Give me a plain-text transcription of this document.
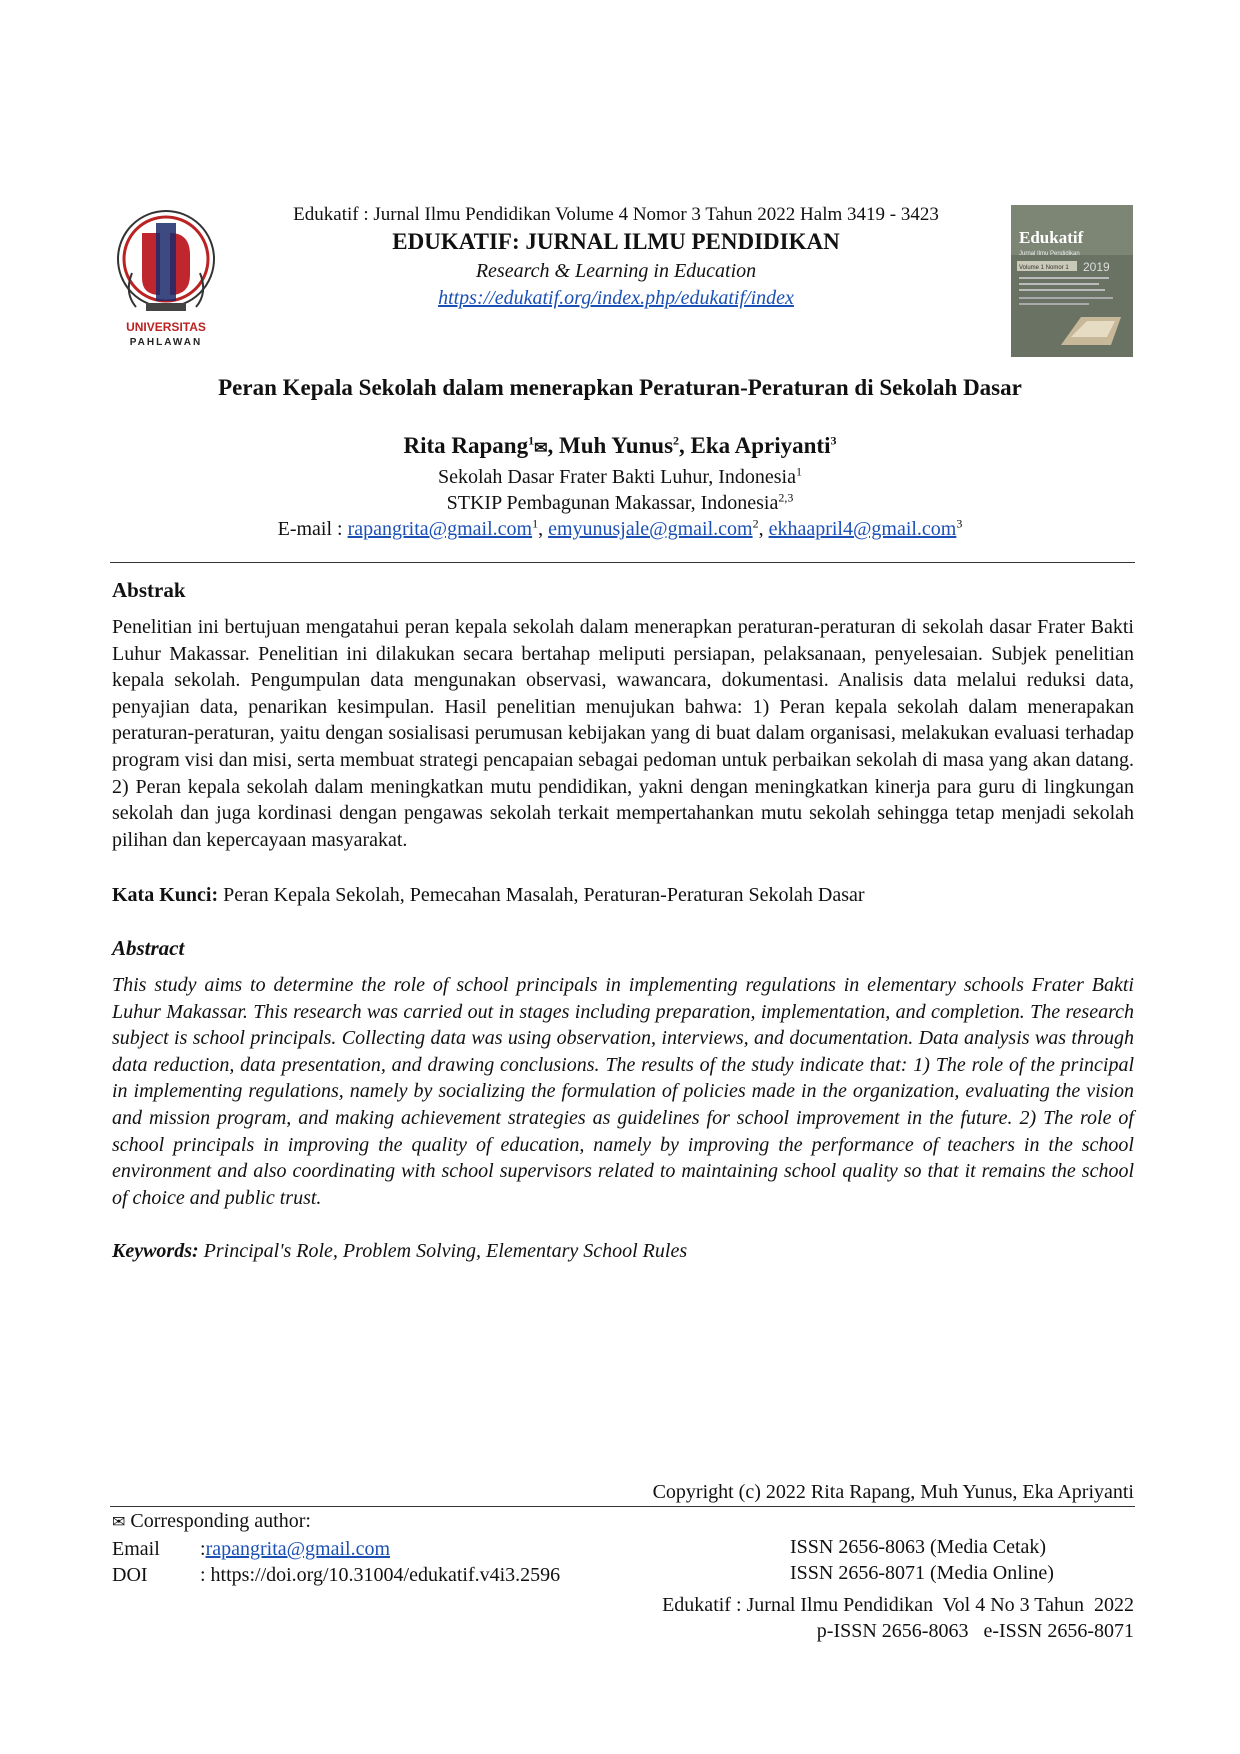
UNIVERSITAS
PAHLAWAN
Edukatif : Jurnal Ilmu Pendidikan Volume 4 Nomor 3 Tahun 2022 Halm 3419 - 3423
EDUKATIF: JURNAL ILMU PENDIDIKAN
Research & Learning in Education
https://edukatif.org/index.php/edukatif/index
Edukatif
Jurnal Ilmu Pendidikan
Volume 1 Nomor 1 2019
Peran Kepala Sekolah dalam menerapkan Peraturan-Peraturan di Sekolah Dasar
Rita Rapang$^1$✉, Muh Yunus$^2$, Eka Apriyanti$^3$
Sekolah Dasar Frater Bakti Luhur, Indonesia$^1$
STKIP Pembagunan Makassar, Indonesia$^{2,3}$
E-mail : rapangrita@gmail.com$^1$, emyunusjale@gmail.com$^2$, ekhaapril4@gmail.com$^3$
Abstrak
Penelitian ini bertujuan mengatahui peran kepala sekolah dalam menerapkan peraturan-peraturan di sekolah dasar Frater Bakti Luhur Makassar. Penelitian ini dilakukan secara bertahap meliputi persiapan, pelaksanaan, penyelesaian. Subjek penelitian kepala sekolah. Pengumpulan data mengunakan observasi, wawancara, dokumentasi. Analisis data melalui reduksi data, penyajian data, penarikan kesimpulan. Hasil penelitian menujukan bahwa: 1) Peran kepala sekolah dalam menerapakan peraturan-peraturan, yaitu dengan sosialisasi perumusan kebijakan yang di buat dalam organisasi, melakukan evaluasi terhadap program visi dan misi, serta membuat strategi pencapaian sebagai pedoman untuk perbaikan sekolah di masa yang akan datang. 2) Peran kepala sekolah dalam meningkatkan mutu pendidikan, yakni dengan meningkatkan kinerja para guru di lingkungan sekolah dan juga kordinasi dengan pengawas sekolah terkait mempertahankan mutu sekolah sehingga tetap menjadi sekolah pilihan dan kepercayaan masyarakat.
Kata Kunci: Peran Kepala Sekolah, Pemecahan Masalah, Peraturan-Peraturan Sekolah Dasar
Abstract
This study aims to determine the role of school principals in implementing regulations in elementary schools Frater Bakti Luhur Makassar. This research was carried out in stages including preparation, implementation, and completion. The research subject is school principals. Collecting data was using observation, interviews, and documentation. Data analysis was through data reduction, data presentation, and drawing conclusions. The results of the study indicate that: 1) The role of the principal in implementing regulations, namely by socializing the formulation of policies made in the organization, evaluating the vision and mission program, and making achievement strategies as guidelines for school improvement in the future. 2) The role of school principals in improving the quality of education, namely by improving the performance of teachers in the school environment and also coordinating with school supervisors related to maintaining school quality so that it remains the school of choice and public trust.
Keywords: Principal's Role, Problem Solving, Elementary School Rules
Copyright (c) 2022 Rita Rapang, Muh Yunus, Eka Apriyanti
✉ Corresponding author:
Email	: rapangrita@gmail.com
DOI	: https://doi.org/10.31004/edukatif.v4i3.2596
ISSN 2656-8063 (Media Cetak)
ISSN 2656-8071 (Media Online)
Edukatif : Jurnal Ilmu Pendidikan  Vol 4 No 3 Tahun  2022
p-ISSN 2656-8063   e-ISSN 2656-8071
